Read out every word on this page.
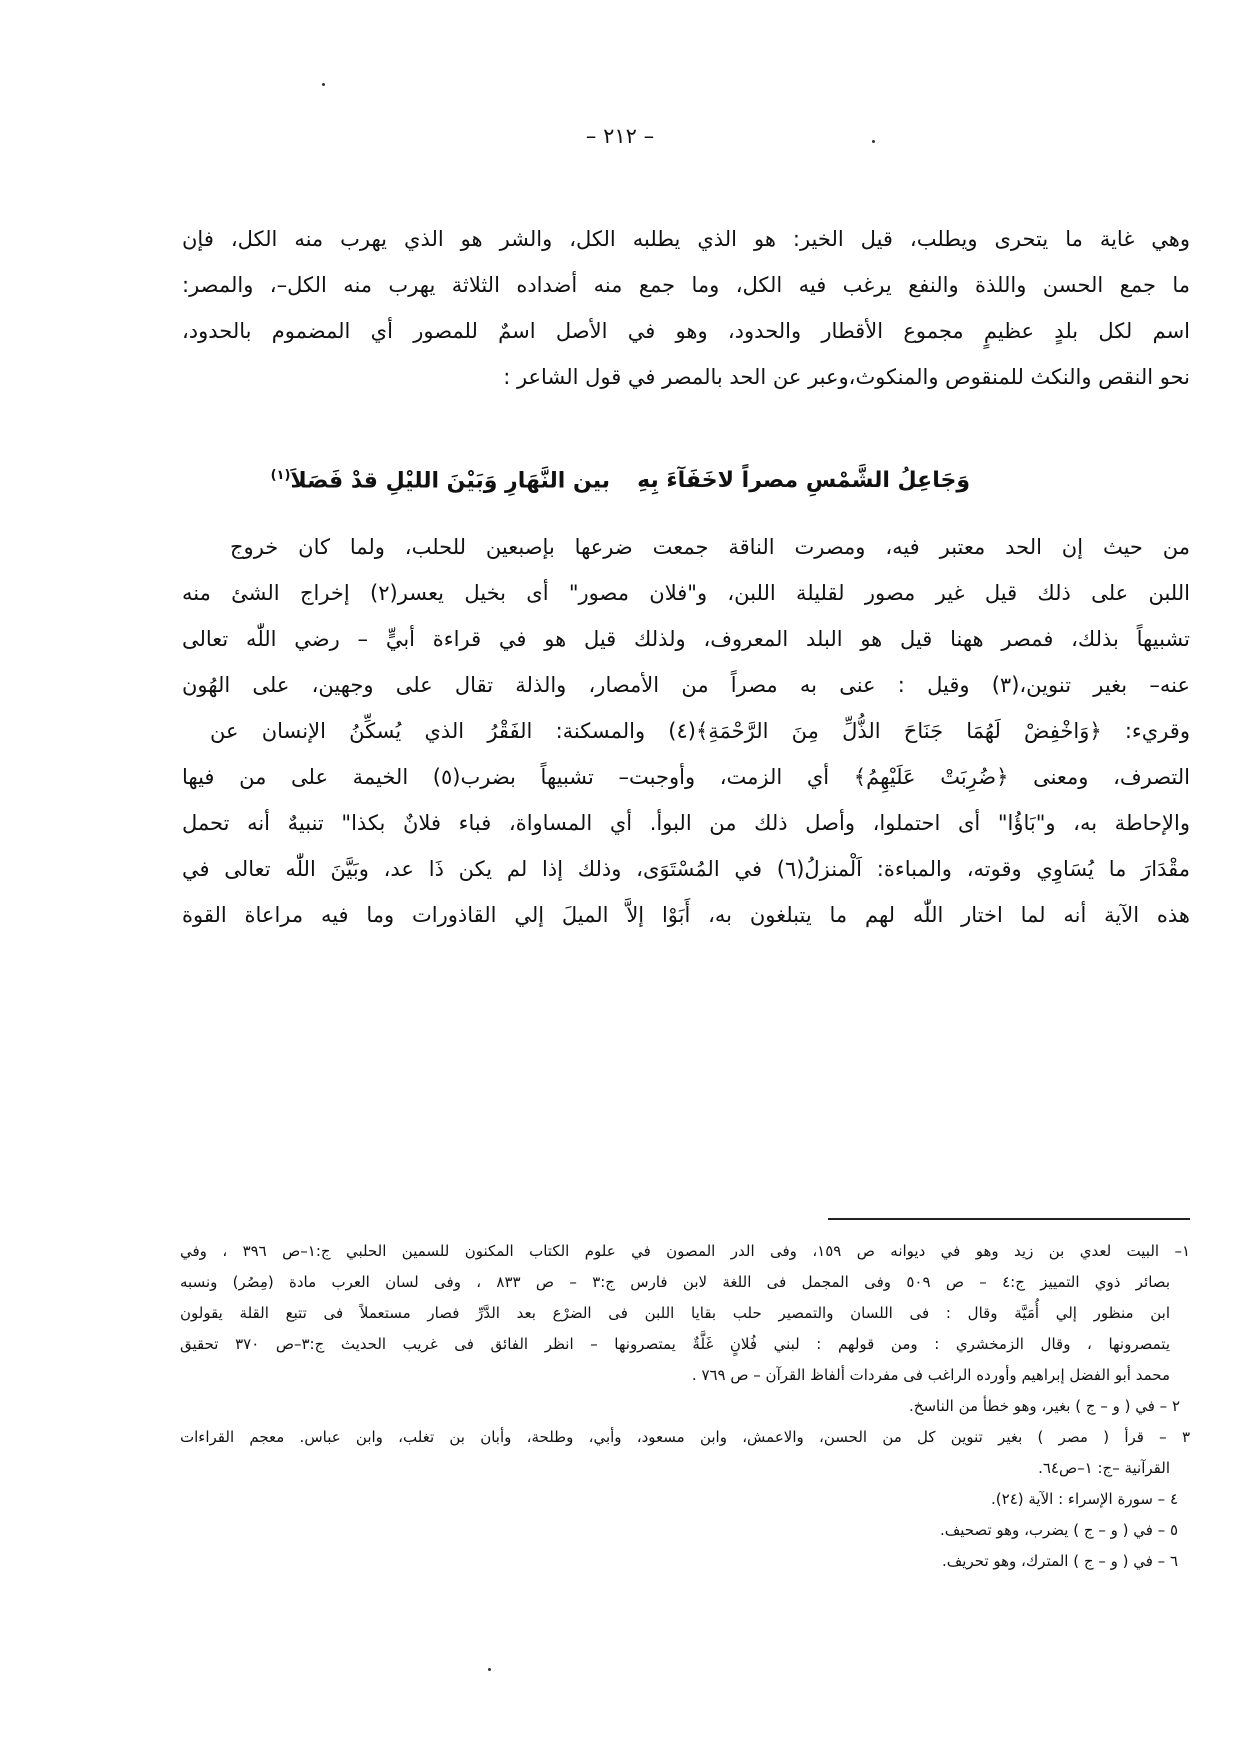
– ٢١٢ –
وهي غاية ما يتحرى ويطلب، قيل الخير: هو الذي يطلبه الكل، والشر هو الذي يهرب منه الكل، فإن
ما جمع الحسن واللذة والنفع يرغب فيه الكل، وما جمع منه أضداده الثلاثة يهرب منه الكل–، والمصر:
اسم لكل بلدٍ عظيمٍ مجموع الأقطار والحدود، وهو في الأصل اسمٌ للمصور أي المضموم بالحدود،
نحو النقص والنكث للمنقوص والمنكوث،وعبر عن الحد بالمصر في قول الشاعر :
وَجَاعِلُ الشَّمْسِ مصراً لاخَفَآءَ بِهِ
بين النَّهَارِ وَبَيْنَ الليْلِ قدْ فَصَلاَ$^{(١)}$
من حيث إن الحد معتبر فيه، ومصرت الناقة جمعت ضرعها بإصبعين للحلب، ولما كان خروج
اللبن على ذلك قيل غير مصور لقليلة اللبن، و"فلان مصور" أى بخيل يعسر(٢) إخراج الشئ منه
تشبيهاً بذلك، فمصر ههنا قيل هو البلد المعروف، ولذلك قيل هو في قراءة أبيٍّ – رضي اللّٰه تعالى
عنه– بغير تنوين،(٣) وقيل : عنى به مصراً من الأمصار، والذلة تقال على وجهين، على الهُون
وقريء: ﴿وَاخْفِضْ لَهُمَا جَنَاحَ الذُّلِّ مِنَ الرَّحْمَةِ﴾(٤) والمسكنة: الفَقْرُ الذي يُسكِّنُ الإنسان عن
التصرف، ومعنى ﴿ضُرِبَتْ عَلَيْهِمُ﴾ أي الزمت، وأوجبت– تشبيهاً بضرب(٥) الخيمة على من فيها
والإحاطة به، و"بَاؤُا" أى احتملوا، وأصل ذلك من البوأ. أي المساواة، فباء فلانٌ بكذا" تنبيهٌ أنه تحمل
مقْدَارَ ما يُسَاوِي وقوته، والمباءة: اَلْمنزلُ(٦) في المُسْتَوَى، وذلك إذا لم يكن ذَا عد، وبَيَّنَ اللّٰه تعالى في
هذه الآية أنه لما اختار اللّٰه لهم ما يتبلغون به، أَبَوْا إلاَّ الميلَ إلي القاذورات وما فيه مراعاة القوة
١– البيت لعدي بن زيد وهو في ديوانه ص ١٥٩، وفى الدر المصون في علوم الكتاب المكنون للسمين الحلبي ج:١–ص ٣٩٦ ، وفي
بصائر ذوي التمييز ج:٤ – ص ٥٠٩ وفى المجمل فى اللغة لابن فارس ج:٣ – ص ٨٣٣ ، وفى لسان العرب مادة (مِصُر) ونسبه
ابن منظور إلي أُمَيَّة وقال : فى اللسان والتمصير حلب بقايا اللبن فى الضرْع بعد الدَّرِّ فصار مستعملاً فى تتبع القلة يقولون
يتمصرونها ، وقال الزمخشري : ومن قولهم : لبني فُلانٍ غَلَّةٌ يمتصرونها – انظر الفائق فى غريب الحديث ج:٣–ص ٣٧٠ تحقيق
محمد أبو الفضل إبراهيم وأورده الراغب فى مفردات ألفاظ القرآن – ص ٧٦٩ .
٢ – في ( و – ج ) بغير، وهو خطأ من الناسخ.
٣ – قرأ ( مصر ) بغير تنوين كل من الحسن، والاعمش، وابن مسعود، وأبي، وطلحة، وأبان بن تغلب، وابن عباس. معجم القراءات
القرآنية –ج: ١–ص٦٤.
٤ – سورة الإسراء : الآية (٢٤).
٥ – في ( و – ج ) يضرب، وهو تصحيف.
٦ – في ( و – ج ) المترك، وهو تحريف.
